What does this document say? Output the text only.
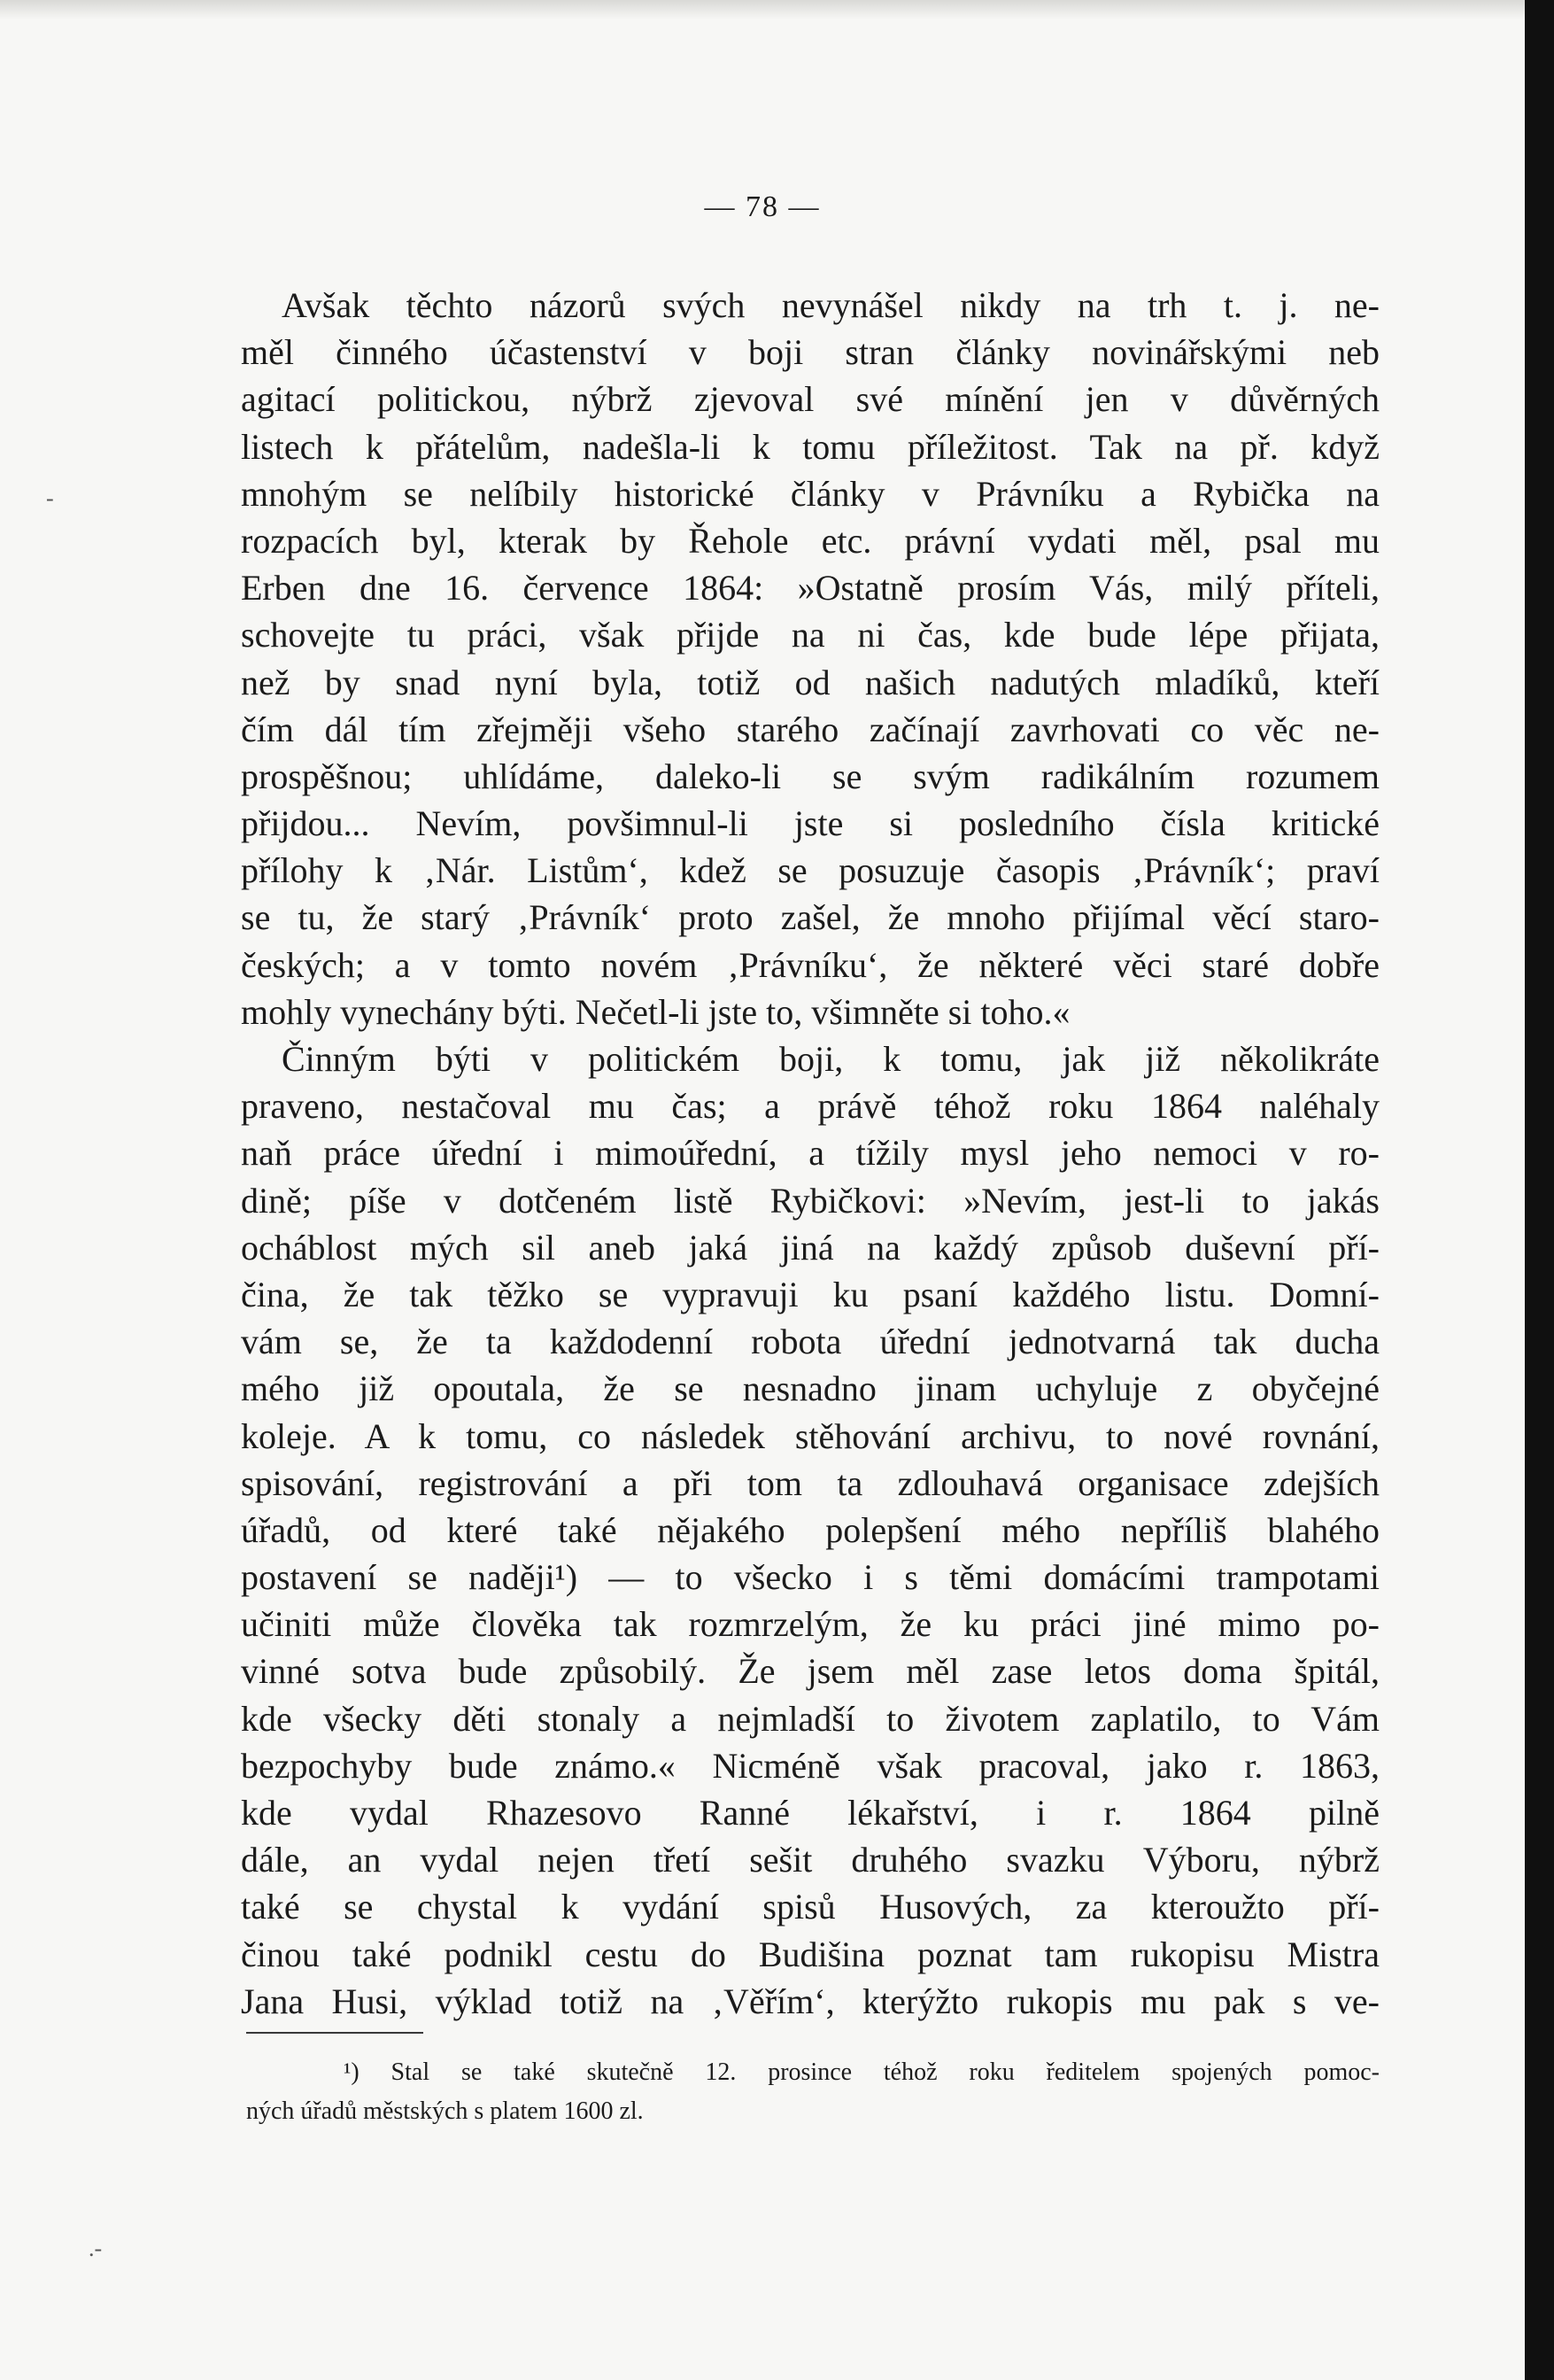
— 78 —
Avšak těchto názorů svých nevynášel nikdy na trh t. j. ne-
měl činného účastenství v boji stran články novinářskými neb
agitací politickou, nýbrž zjevoval své mínění jen v důvěrných
listech k přátelům, nadešla-li k tomu příležitost. Tak na př. když
mnohým se nelíbily historické články v Právníku a Rybička na
rozpacích byl, kterak by Řehole etc. právní vydati měl, psal mu
Erben dne 16. července 1864: »Ostatně prosím Vás, milý příteli,
schovejte tu práci, však přijde na ni čas, kde bude lépe přijata,
než by snad nyní byla, totiž od našich nadutých mladíků, kteří
čím dál tím zřejměji všeho starého začínají zavrhovati co věc ne-
prospěšnou; uhlídáme, daleko-li se svým radikálním rozumem
přijdou... Nevím, povšimnul-li jste si posledního čísla kritické
přílohy k ‚Nár. Listům‘, kdež se posuzuje časopis ‚Právník‘; praví
se tu, že starý ‚Právník‘ proto zašel, že mnoho přijímal věcí staro-
českých; a v tomto novém ‚Právníku‘, že některé věci staré dobře
mohly vynechány býti. Nečetl-li jste to, všimněte si toho.«
Činným býti v politickém boji, k tomu, jak již několikráte
praveno, nestačoval mu čas; a právě téhož roku 1864 naléhaly
naň práce úřední i mimoúřední, a tížily mysl jeho nemoci v ro-
dině; píše v dotčeném listě Rybičkovi: »Nevím, jest-li to jakás
ocháblost mých sil aneb jaká jiná na každý způsob duševní pří-
čina, že tak těžko se vypravuji ku psaní každého listu. Domní-
vám se, že ta každodenní robota úřední jednotvarná tak ducha
mého již opoutala, že se nesnadno jinam uchyluje z obyčejné
koleje. A k tomu, co následek stěhování archivu, to nové rovnání,
spisování, registrování a při tom ta zdlouhavá organisace zdejších
úřadů, od které také nějakého polepšení mého nepříliš blahého
postavení se naději¹) — to všecko i s těmi domácími trampotami
učiniti může člověka tak rozmrzelým, že ku práci jiné mimo po-
vinné sotva bude způsobilý. Že jsem měl zase letos doma špitál,
kde všecky děti stonaly a nejmladší to životem zaplatilo, to Vám
bezpochyby bude známo.« Nicméně však pracoval, jako r. 1863,
kde vydal Rhazesovo Ranné lékařství, i r. 1864 pilně
dále, an vydal nejen třetí sešit druhého svazku Výboru, nýbrž
také se chystal k vydání spisů Husových, za kteroužto pří-
činou také podnikl cestu do Budišina poznat tam rukopisu Mistra
Jana Husi, výklad totiž na ‚Věřím‘, kterýžto rukopis mu pak s ve-
¹) Stal se také skutečně 12. prosince téhož roku ředitelem spojených pomoc-
ných úřadů městských s platem 1600 zl.
-
.-
